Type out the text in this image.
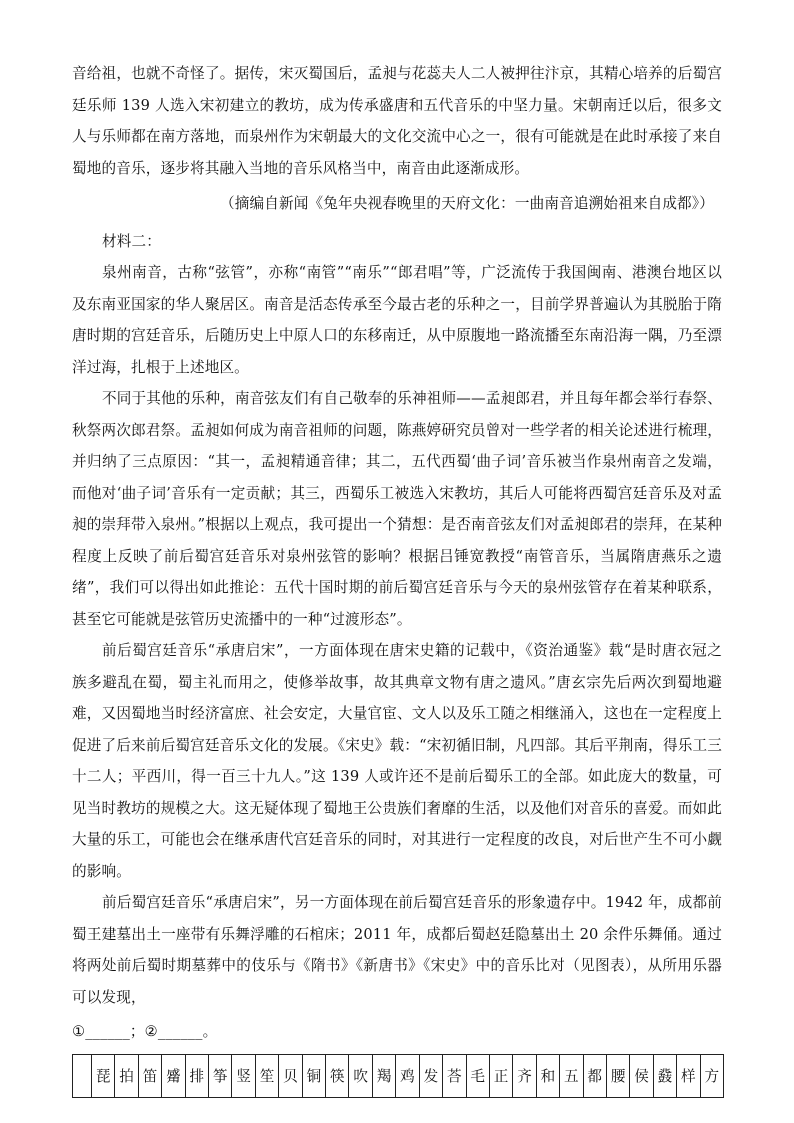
音给祖，也就不奇怪了。据传，宋灭蜀国后，孟昶与花蕊夫人二人被押往汴京，其精心培养的后蜀宫廷乐师 139 人选入宋初建立的教坊，成为传承盛唐和五代音乐的中坚力量。宋朝南迁以后，很多文人与乐师都在南方落地，而泉州作为宋朝最大的文化交流中心之一，很有可能就是在此时承接了来自蜀地的音乐，逐步将其融入当地的音乐风格当中，南音由此逐渐成形。

（摘编自新闻《兔年央视春晚里的天府文化：一曲南音追溯始祖来自成都》）

材料二：

泉州南音，古称“弦管”，亦称“南管”“南乐”“郎君唱”等，广泛流传于我国闽南、港澳台地区以及东南亚国家的华人聚居区。南音是活态传承至今最古老的乐种之一，目前学界普遍认为其脱胎于隋唐时期的宫廷音乐，后随历史上中原人口的东移南迁，从中原腹地一路流播至东南沿海一隅，乃至漂洋过海，扎根于上述地区。

不同于其他的乐种，南音弦友们有自己敬奉的乐神祖师——孟昶郎君，并且每年都会举行春祭、秋祭两次郎君祭。孟昶如何成为南音祖师的问题，陈燕婷研究员曾对一些学者的相关论述进行梳理，并归纳了三点原因：“其一，孟昶精通音律；其二，五代西蜀‘曲子词’音乐被当作泉州南音之发端，而他对‘曲子词’音乐有一定贡献；其三，西蜀乐工被选入宋教坊，其后人可能将西蜀宫廷音乐及对孟昶的崇拜带入泉州。”根据以上观点，我可提出一个猜想：是否南音弦友们对孟昶郎君的崇拜，在某种程度上反映了前后蜀宫廷音乐对泉州弦管的影响？根据吕锤宽教授“南管音乐，当属隋唐燕乐之遗绪”，我们可以得出如此推论：五代十国时期的前后蜀宫廷音乐与今天的泉州弦管存在着某种联系，甚至它可能就是弦管历史流播中的一种“过渡形态”。

前后蜀宫廷音乐“承唐启宋”，一方面体现在唐宋史籍的记载中，《资治通鉴》载“是时唐衣冠之族多避乱在蜀，蜀主礼而用之，使修举故事，故其典章文物有唐之遗风。”唐玄宗先后两次到蜀地避难，又因蜀地当时经济富庶、社会安定，大量官宦、文人以及乐工随之相继涌入，这也在一定程度上促进了后来前后蜀宫廷音乐文化的发展。《宋史》载：“宋初循旧制，凡四部。其后平荆南，得乐工三十二人；平西川，得一百三十九人。”这 139 人或许还不是前后蜀乐工的全部。如此庞大的数量，可见当时教坊的规模之大。这无疑体现了蜀地王公贵族们奢靡的生活，以及他们对音乐的喜爱。而如此大量的乐工，可能也会在继承唐代宫廷音乐的同时，对其进行一定程度的改良，对后世产生不可小觑的影响。

前后蜀宫廷音乐“承唐启宋”，另一方面体现在前后蜀宫廷音乐的形象遗存中。1942 年，成都前蜀王建墓出土一座带有乐舞浮雕的石棺床；2011 年，成都后蜀赵廷隐墓出土 20 余件乐舞俑。通过将两处前后蜀时期墓葬中的伎乐与《隋书》《新唐书》《宋史》中的音乐比对（见图表），从所用乐器可以发现，

①______；②______。

	琵	拍	笛	觱	排	筝	竖	笙	贝	铜	筷	吹	羯	鸡	发	荅	毛	正	齐	和	五	都	腰	侯	鼗	样	方
